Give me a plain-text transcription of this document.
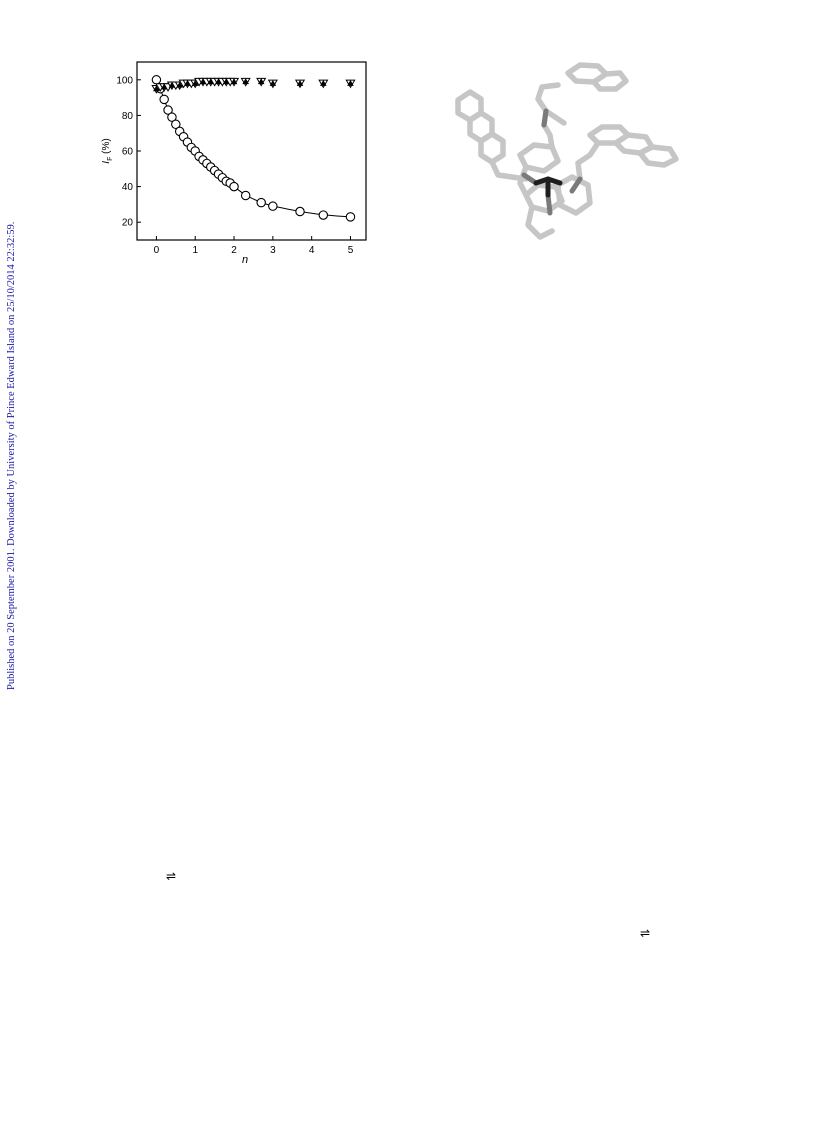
Published on 20 September 2001. Downloaded by University of Prince Edward Island on 25/10/2014 22:32:59.	20
40
60
80
100
0	1	2	3	4	5
n
$I_F$ (%)
⇌
⇌
